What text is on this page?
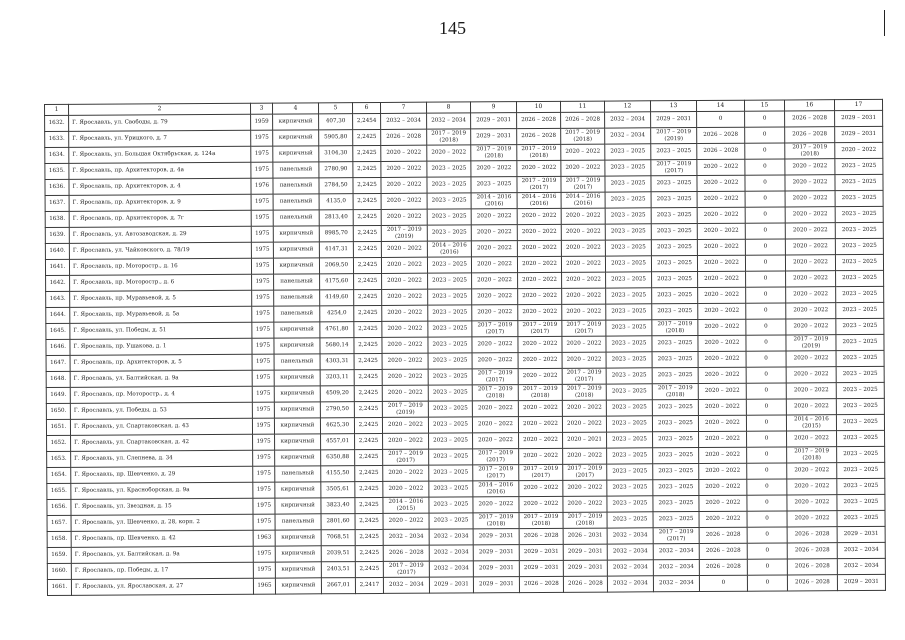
145
1	2	3	4	5	6	7	8	9	10	11	12	13	14	15	16	17
1632.	Г. Ярославль, ул. Свободы, д. 79	1959	кирпичный	407,30	2,2454	2032 – 2034	2032 – 2034	2029 – 2031	2026 – 2028	2026 – 2028	2032 – 2034	2029 – 2031	0	0	2026 – 2028	2029 – 2031
1633.	Г. Ярославль, ул. Урицкого, д. 7	1975	кирпичный	5905,80	2,2425	2026 – 2028	2017 – 2019 (2018)	2029 – 2031	2026 – 2028	2017 – 2019 (2018)	2032 – 2034	2017 – 2019 (2019)	2026 – 2028	0	2026 – 2028	2029 – 2031
1634.	Г. Ярославль, ул. Большая Октябрьская, д. 124а	1975	кирпичный	3104,30	2,2425	2020 – 2022	2020 – 2022	2017 – 2019 (2018)	2017 – 2019 (2018)	2020 – 2022	2023 – 2025	2023 – 2025	2026 – 2028	0	2017 – 2019 (2018)	2020 – 2022
1635.	Г. Ярославль, пр. Архитекторов, д. 4а	1975	панельный	2780,90	2,2425	2020 – 2022	2023 – 2025	2020 – 2022	2020 – 2022	2020 – 2022	2023 – 2025	2017 – 2019 (2017)	2020 – 2022	0	2020 – 2022	2023 – 2025
1636.	Г. Ярославль, пр. Архитекторов, д. 4	1976	панельный	2784,50	2,2425	2020 – 2022	2023 – 2025	2023 – 2025	2017 – 2019 (2017)	2017 – 2019 (2017)	2023 – 2025	2023 – 2025	2020 – 2022	0	2020 – 2022	2023 – 2025
1637.	Г. Ярославль, пр. Архитекторов, д. 9	1975	панельный	4135,0	2,2425	2020 – 2022	2023 – 2025	2014 – 2016 (2016)	2014 – 2016 (2016)	2014 – 2016 (2016)	2023 – 2025	2023 – 2025	2020 – 2022	0	2020 – 2022	2023 – 2025
1638.	Г. Ярославль, пр. Архитекторов, д. 7г	1975	панельный	2813,40	2,2425	2020 – 2022	2023 – 2025	2020 – 2022	2020 – 2022	2020 – 2022	2023 – 2025	2023 – 2025	2020 – 2022	0	2020 – 2022	2023 – 2025
1639.	Г. Ярославль, ул. Автозаводская, д. 29	1975	кирпичный	8985,70	2,2425	2017 – 2019 (2019)	2023 – 2025	2020 – 2022	2020 – 2022	2020 – 2022	2023 – 2025	2023 – 2025	2020 – 2022	0	2020 – 2022	2023 – 2025
1640.	Г. Ярославль, ул. Чайковского, д. 78/19	1975	кирпичный	4147,31	2,2425	2020 – 2022	2014 – 2016 (2016)	2020 – 2022	2020 – 2022	2020 – 2022	2023 – 2025	2023 – 2025	2020 – 2022	0	2020 – 2022	2023 – 2025
1641.	Г. Ярославль, пр. Моторостр., д. 16	1975	кирпичный	2069,50	2,2425	2020 – 2022	2023 – 2025	2020 – 2022	2020 – 2022	2020 – 2022	2023 – 2025	2023 – 2025	2020 – 2022	0	2020 – 2022	2023 – 2025
1642.	Г. Ярославль, пр. Моторостр., д. 6	1975	панельный	4175,60	2,2425	2020 – 2022	2023 – 2025	2020 – 2022	2020 – 2022	2020 – 2022	2023 – 2025	2023 – 2025	2020 – 2022	0	2020 – 2022	2023 – 2025
1643.	Г. Ярославль, пр. Муравьевой, д. 5	1975	панельный	4149,60	2,2425	2020 – 2022	2023 – 2025	2020 – 2022	2020 – 2022	2020 – 2022	2023 – 2025	2023 – 2025	2020 – 2022	0	2020 – 2022	2023 – 2025
1644.	Г. Ярославль, пр. Муравьевой, д. 5а	1975	панельный	4254,0	2,2425	2020 – 2022	2023 – 2025	2020 – 2022	2020 – 2022	2020 – 2022	2023 – 2025	2023 – 2025	2020 – 2022	0	2020 – 2022	2023 – 2025
1645.	Г. Ярославль, ул. Победы, д. 51	1975	кирпичный	4761,80	2,2425	2020 – 2022	2023 – 2025	2017 – 2019 (2017)	2017 – 2019 (2017)	2017 – 2019 (2017)	2023 – 2025	2017 – 2019 (2018)	2020 – 2022	0	2020 – 2022	2023 – 2025
1646.	Г. Ярославль, пр. Ушакова, д. 1	1975	кирпичный	5680,14	2,2425	2020 – 2022	2023 – 2025	2020 – 2022	2020 – 2022	2020 – 2022	2023 – 2025	2023 – 2025	2020 – 2022	0	2017 – 2019 (2019)	2023 – 2025
1647.	Г. Ярославль, пр. Архитекторов, д. 5	1975	панельный	4303,31	2,2425	2020 – 2022	2023 – 2025	2020 – 2022	2020 – 2022	2020 – 2022	2023 – 2025	2023 – 2025	2020 – 2022	0	2020 – 2022	2023 – 2025
1648.	Г. Ярославль, ул. Балтийская, д. 9а	1975	кирпичный	3203,11	2,2425	2020 – 2022	2023 – 2025	2017 – 2019 (2017)	2020 – 2022	2017 – 2019 (2017)	2023 – 2025	2023 – 2025	2020 – 2022	0	2020 – 2022	2023 – 2025
1649.	Г. Ярославль, пр. Моторостр., д. 4	1975	кирпичный	4509,20	2,2425	2020 – 2022	2023 – 2025	2017 – 2019 (2018)	2017 – 2019 (2018)	2017 – 2019 (2018)	2023 – 2025	2017 – 2019 (2018)	2020 – 2022	0	2020 – 2022	2023 – 2025
1650.	Г. Ярославль, ул. Победы, д. 53	1975	кирпичный	2790,50	2,2425	2017 – 2019 (2019)	2023 – 2025	2020 – 2022	2020 – 2022	2020 – 2022	2023 – 2025	2023 – 2025	2020 – 2022	0	2020 – 2022	2023 – 2025
1651.	Г. Ярославль, ул. Спартаковская, д. 43	1975	кирпичный	4625,30	2,2425	2020 – 2022	2023 – 2025	2020 – 2022	2020 – 2022	2020 – 2022	2023 – 2025	2023 – 2025	2020 – 2022	0	2014 – 2016 (2015)	2023 – 2025
1652.	Г. Ярославль, ул. Спартаковская, д. 42	1975	кирпичный	4557,01	2,2425	2020 – 2022	2023 – 2025	2020 – 2022	2020 – 2022	2020 – 2021	2023 – 2025	2023 – 2025	2020 – 2022	0	2020 – 2022	2023 – 2025
1653.	Г. Ярославль, ул. Слепнева, д. 34	1975	кирпичный	6350,88	2,2425	2017 – 2019 (2017)	2023 – 2025	2017 – 2019 (2017)	2020 – 2022	2020 – 2022	2023 – 2025	2023 – 2025	2020 – 2022	0	2017 – 2019 (2018)	2023 – 2025
1654.	Г. Ярославль, пр. Шевченко, д. 29	1975	панельный	4155,50	2,2425	2020 – 2022	2023 – 2025	2017 – 2019 (2017)	2017 – 2019 (2017)	2017 – 2019 (2017)	2023 – 2025	2023 – 2025	2020 – 2022	0	2020 – 2022	2023 – 2025
1655.	Г. Ярославль, ул. Красноборская, д. 9а	1975	кирпичный	3505,61	2,2425	2020 – 2022	2023 – 2025	2014 – 2016 (2016)	2020 – 2022	2020 – 2022	2023 – 2025	2023 – 2025	2020 – 2022	0	2020 – 2022	2023 – 2025
1656.	Г. Ярославль, ул. Звездная, д. 15	1975	кирпичный	3823,40	2,2425	2014 – 2016 (2015)	2023 – 2025	2020 – 2022	2020 – 2022	2020 – 2022	2023 – 2025	2023 – 2025	2020 – 2022	0	2020 – 2022	2023 – 2025
1657.	Г. Ярославль, ул. Шевченко, д. 28, корп. 2	1975	панельный	2801,60	2,2425	2020 – 2022	2023 – 2025	2017 – 2019 (2018)	2017 – 2019 (2018)	2017 – 2019 (2018)	2023 – 2025	2023 – 2025	2020 – 2022	0	2020 – 2022	2023 – 2025
1658.	Г. Ярославль, пр. Шевченко, д. 42	1963	кирпичный	7068,51	2,2425	2032 – 2034	2032 – 2034	2029 – 2031	2026 – 2028	2026 – 2031	2032 – 2034	2017 – 2019 (2017)	2026 – 2028	0	2026 – 2028	2029 – 2031
1659.	Г. Ярославль, ул. Балтийская, д. 9а	1975	кирпичный	2039,51	2,2425	2026 – 2028	2032 – 2034	2029 – 2031	2029 – 2031	2029 – 2031	2032 – 2034	2032 – 2034	2026 – 2028	0	2026 – 2028	2032 – 2034
1660.	Г. Ярославль, пр. Победы, д. 17	1975	кирпичный	2403,51	2,2425	2017 – 2019 (2017)	2032 – 2034	2029 – 2031	2029 – 2031	2029 – 2031	2032 – 2034	2032 – 2034	2026 – 2028	0	2026 – 2028	2032 – 2034
1661.	Г. Ярославль, ул. Ярославская, д. 27	1965	кирпичный	2667,01	2,2417	2032 – 2034	2029 – 2031	2029 – 2031	2026 – 2028	2026 – 2028	2032 – 2034	2032 – 2034	0	0	2026 – 2028	2029 – 2031
